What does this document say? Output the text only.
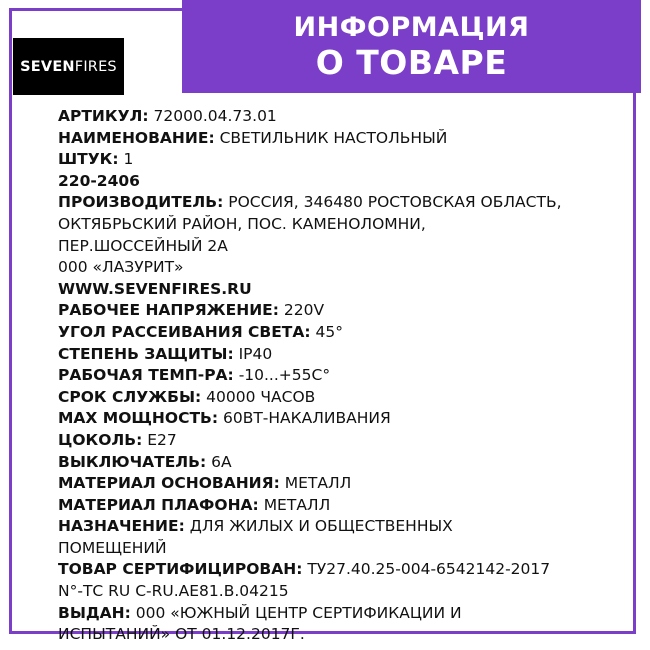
ИНФОРМАЦИЯ
О ТОВАРЕ
SEVEN FIRES
АРТИКУЛ: 72000.04.73.01
НАИМЕНОВАНИЕ: СВЕТИЛЬНИК НАСТОЛЬНЫЙ
ШТУК: 1
220-2406
ПРОИЗВОДИТЕЛЬ: РОССИЯ, 346480 РОСТОВСКАЯ ОБЛАСТЬ,
ОКТЯБРЬСКИЙ РАЙОН, ПОС. КАМЕНОЛОМНИ,
ПЕР.ШОССЕЙНЫЙ 2А
000 «ЛАЗУРИТ»
WWW.SEVENFIRES.RU
РАБОЧЕЕ НАПРЯЖЕНИЕ: 220V
УГОЛ РАССЕИВАНИЯ СВЕТА: 45°
СТЕПЕНЬ ЗАЩИТЫ: IP40
РАБОЧАЯ ТЕМП-РА: -10...+55С°
СРОК СЛУЖБЫ: 40000 ЧАСОВ
MAX МОЩНОСТЬ: 60ВТ-НАКАЛИВАНИЯ
ЦОКОЛЬ: Е27
ВЫКЛЮЧАТЕЛЬ: 6А
МАТЕРИАЛ ОСНОВАНИЯ: МЕТАЛЛ
МАТЕРИАЛ ПЛАФОНА: МЕТАЛЛ
НАЗНАЧЕНИЕ: ДЛЯ ЖИЛЫХ И ОБЩЕСТВЕННЫХ
ПОМЕЩЕНИЙ
ТОВАР СЕРТИФИЦИРОВАН: ТУ27.40.25-004-6542142-2017
N°-ТС RU C-RU.AE81.B.04215
ВЫДАН: 000 «ЮЖНЫЙ ЦЕНТР СЕРТИФИКАЦИИ И
ИСПЫТАНИЙ» ОТ 01.12.2017Г.
